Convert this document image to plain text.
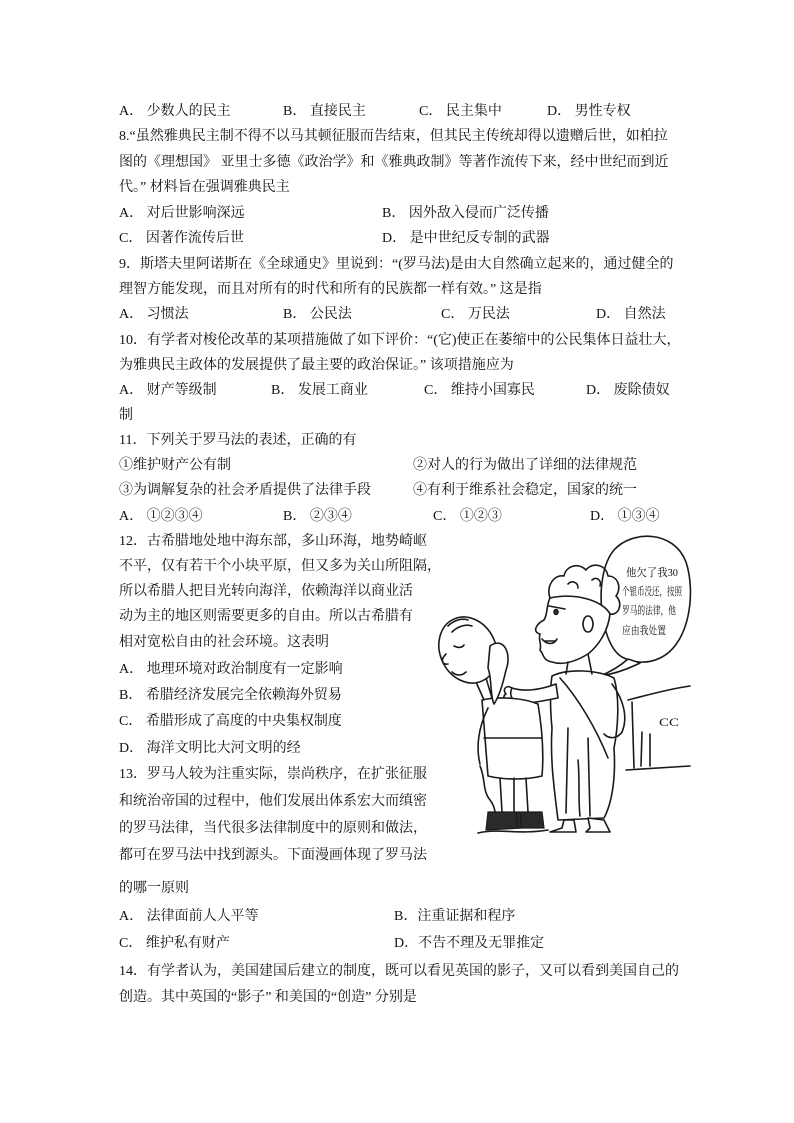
A． 少数人的民主	B． 直接民主	C． 民主集中	D． 男性专权
8.“虽然雅典民主制不得不以马其顿征服而告结束，但其民主传统却得以遗赠后世，如柏拉
图的《理想国》 亚里士多德《政治学》和《雅典政制》等著作流传下来，经中世纪而到近
代。” 材料旨在强调雅典民主
A． 对后世影响深远	B． 因外敌入侵而广泛传播
C． 因著作流传后世	D． 是中世纪反专制的武器
9．斯塔夫里阿诺斯在《全球通史》里说到：“(罗马法)是由大自然确立起来的，通过健全的
理智方能发现，而且对所有的时代和所有的民族都一样有效。” 这是指
A． 习惯法	B． 公民法	C． 万民法	D． 自然法
10．有学者对梭伦改革的某项措施做了如下评价：“(它)使正在萎缩中的公民集体日益壮大，
为雅典民主政体的发展提供了最主要的政治保证。” 该项措施应为
A． 财产等级制	B． 发展工商业	C． 维持小国寡民	D． 废除债奴
制
11．下列关于罗马法的表述，正确的有
①维护财产公有制	②对人的行为做出了详细的法律规范
③为调解复杂的社会矛盾提供了法律手段	④有利于维系社会稳定，国家的统一
A． ①②③④	B． ②③④	C． ①②③	D． ①③④
12．古希腊地处地中海东部，多山环海，地势崎岖
不平，仅有若干个小块平原，但又多为关山所阻隔，
所以希腊人把目光转向海洋，依赖海洋以商业活
动为主的地区则需要更多的自由。所以古希腊有
相对宽松自由的社会环境。这表明
A． 地理环境对政治制度有一定影响
B． 希腊经济发展完全依赖海外贸易
C． 希腊形成了高度的中央集权制度
D． 海洋文明比大河文明的经
13．罗马人较为注重实际，崇尚秩序，在扩张征服
和统治帝国的过程中，他们发展出体系宏大而缜密
的罗马法律，当代很多法律制度中的原则和做法，
都可在罗马法中找到源头。下面漫画体现了罗马法
的哪一原则
A． 法律面前人人平等	B．注重证据和程序
C． 维护私有财产	D．不告不理及无罪推定
14．有学者认为，美国建国后建立的制度，既可以看见英国的影子，又可以看到美国自己的
创造。其中英国的“影子” 和美国的“创造” 分别是
CC
他欠了我30
个银币没还，按照
罗马的法律，他
应由我处置
